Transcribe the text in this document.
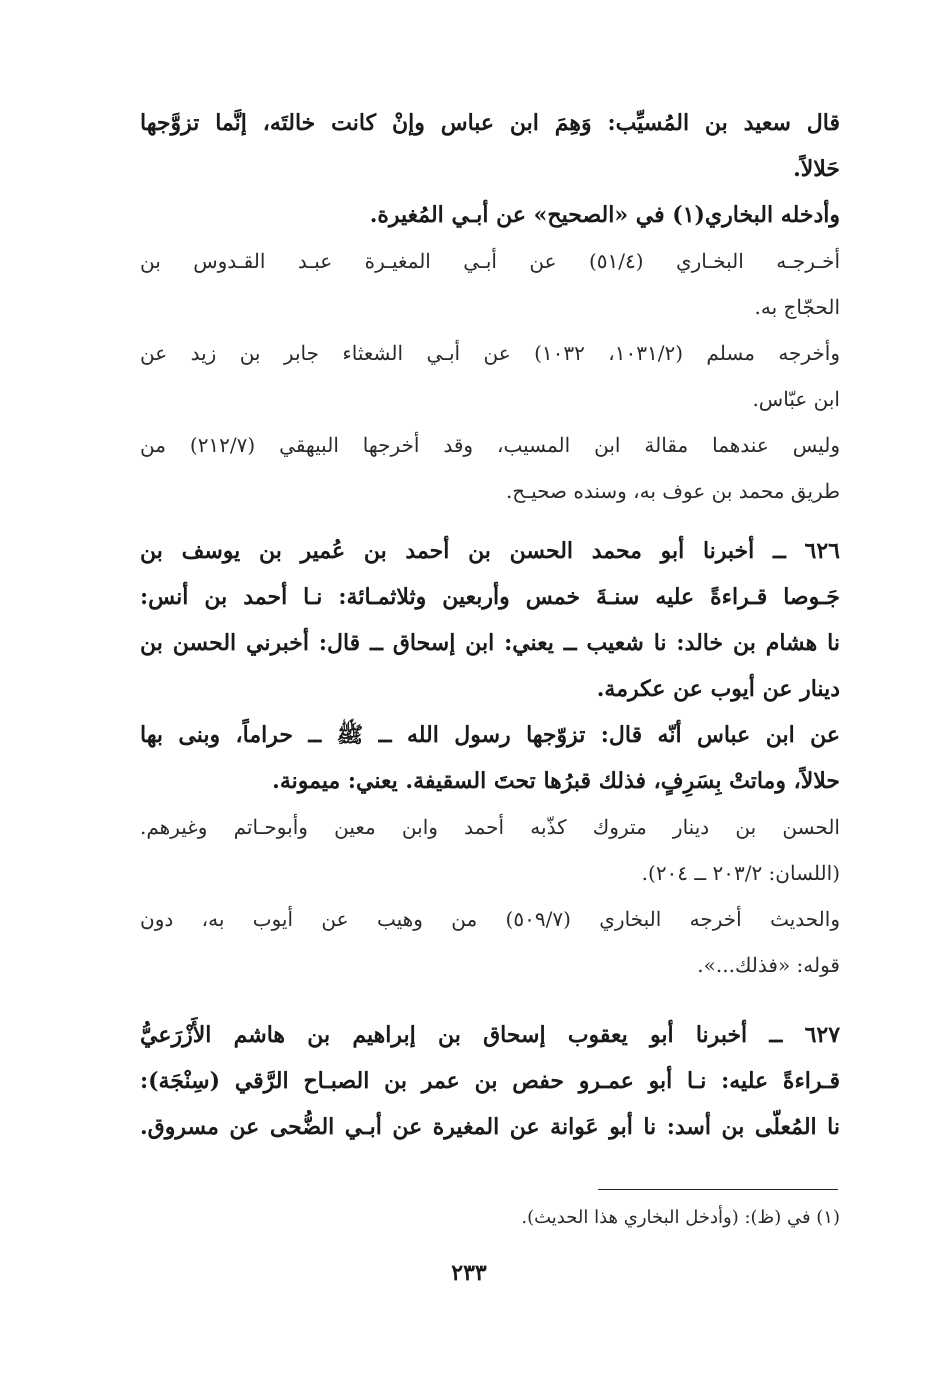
قال سعيد بن المُسيِّب: وَهِمَ ابن عباس وإنْ كانت خالتَه، إنَّما تزوَّجها
حَلالاً.
وأدخله البخاري(١) في «الصحيح» عن أبـي المُغيرة.
أخـرجـه البخـاري (٥١/٤) عن أبـي المغيـرة عبـد القـدوس بن
الحجّاج به.
وأخرجه مسلم (١٠٣١/٢، ١٠٣٢) عن أبـي الشعثاء جابر بن زيد عن
ابن عبّاس.
وليس عندهما مقالة ابن المسيب، وقد أخرجها البيهقي (٢١٢/٧) من
طريق محمد بن عوف به، وسنده صحيـح.
٦٢٦ ــ أخبرنا أبو محمد الحسن بن أحمد بن عُمير بن يوسف بن
جَـوصا قـراءةً عليه سنـةَ خمس وأربعين وثلاثمـائة: نـا أحمد بن أنس:
نا هشام بن خالد: نا شعيب ــ يعني: ابن إسحاق ــ قال: أخبرني الحسن بن
دينار عن أيوب عن عكرمة.
عن ابن عباس أنّه قال: تزوّجها رسول الله ــ ﷺ ــ حراماً، وبنى بها
حلالاً، وماتتْ بِسَرِفٍ، فذلك قبرُها تحتَ السقيفة. يعني: ميمونة.
الحسن بن دينار متروك كذّبه أحمد وابن معين وأبوحـاتم وغيرهم.
(اللسان: ٢٠٣/٢ ــ ٢٠٤).
والحديث أخرجه البخاري (٥٠٩/٧) من وهيب عن أيوب به، دون
قوله: «فذلك...».
٦٢٧ ــ أخبرنا أبو يعقوب إسحاق بن إبراهيم بن هاشم الأَزْرَعيُّ
قـراءةً عليه: نـا أبو عمـرو حفص بن عمر بن الصبـاح الرَّقي (سِنْجَة):
نا المُعلّى بن أسد: نا أبو عَوانة عن المغيرة عن أبـي الضُّحى عن مسروق.
(١) في (ظ): (وأدخل البخاري هذا الحديث).
٢٣٣
